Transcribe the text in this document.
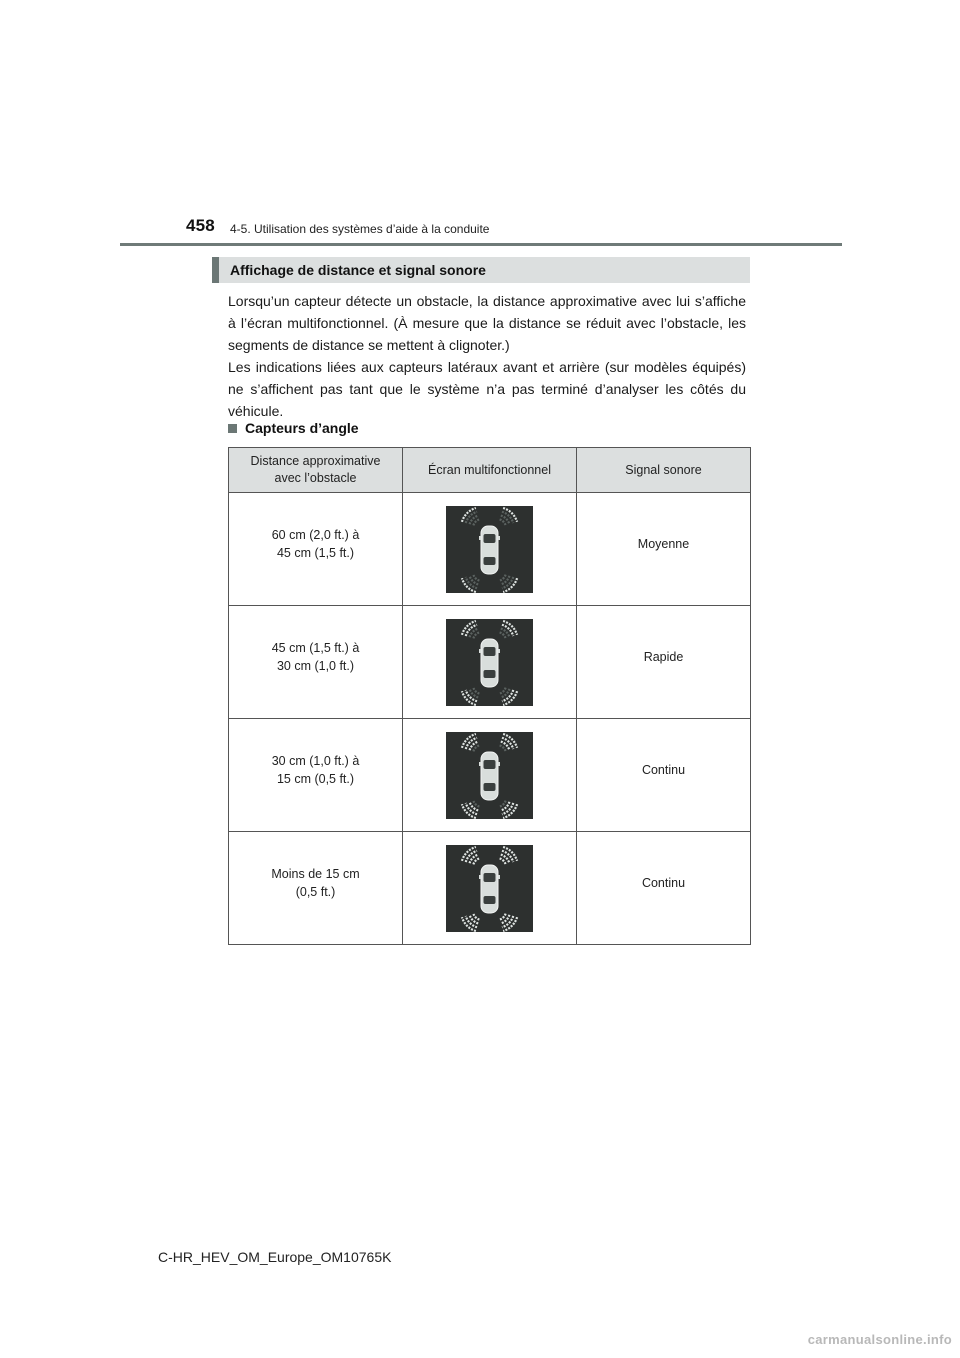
458 4-5. Utilisation des systèmes d’aide à la conduite
Affichage de distance et signal sonore

Lorsqu’un capteur détecte un obstacle, la distance approximative avec lui s’affiche à l’écran multifonctionnel. (À mesure que la distance se réduit avec l’obstacle, les segments de distance se mettent à clignoter.)

Les indications liées aux capteurs latéraux avant et arrière (sur modèles équipés) ne s’affichent pas tant que le système n’a pas terminé d’analyser les côtés du véhicule.

Capteurs d’angle
Distance approximative avec l’obstacle	Écran multifonctionnel	Signal sonore
60 cm (2,0 ft.) à
45 cm (1,5 ft.)		Moyenne
45 cm (1,5 ft.) à
30 cm (1,0 ft.)		Rapide
30 cm (1,0 ft.) à
15 cm (0,5 ft.)		Continu
Moins de 15 cm
(0,5 ft.)		Continu
C-HR_HEV_OM_Europe_OM10765K
carmanualsonline.info
